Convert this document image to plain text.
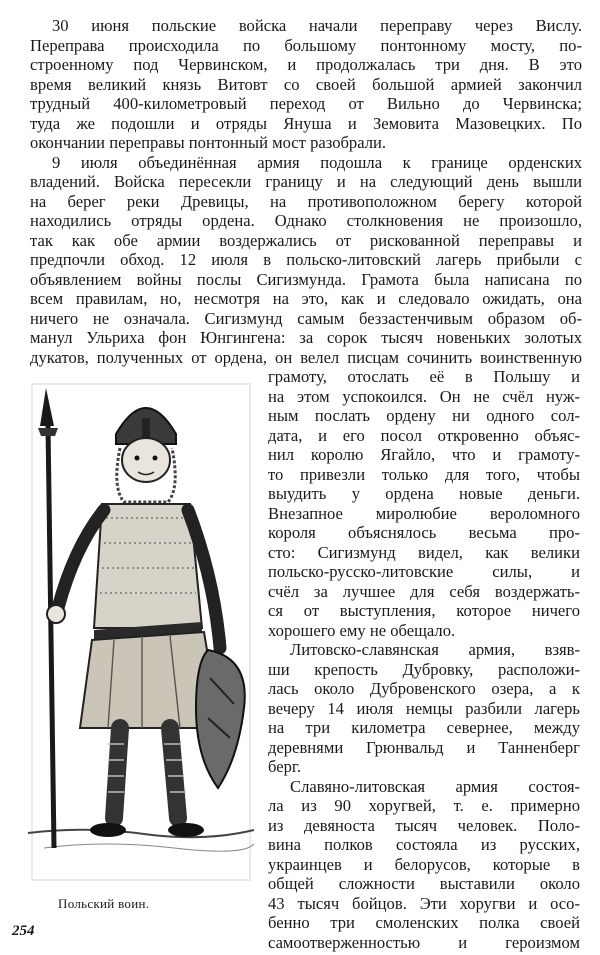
30 июня польские войска начали переправу через Вислу.

Переправа происходила по большому понтонному мосту, по-

строенному под Червинском, и продолжалась три дня. В это

время великий князь Витовт со своей большой армией закончил

трудный 400-километровый переход от Вильно до Червинска;

туда же подошли и отряды Януша и Земовита Мазовецких. По

окончании переправы понтонный мост разобрали.

9 июля объединённая армия подошла к границе орденских

владений. Войска пересекли границу и на следующий день вышли

на берег реки Древицы, на противоположном берегу которой

находились отряды ордена. Однако столкновения не произошло,

так как обе армии воздержались от рискованной переправы и

предпочли обход. 12 июля в польско-литовский лагерь прибыли с

объявлением войны послы Сигизмунда. Грамота была написана по

всем правилам, но, несмотря на это, как и следовало ожидать, она

ничего не означала. Сигизмунд самым беззастенчивым образом об-

манул Ульриха фон Юнгингена: за сорок тысяч новеньких золотых

дукатов, полученных от ордена, он велел писцам сочинить воинственную

грамоту, отослать её в Польшу и

на этом успокоился. Он не счёл нуж-

ным послать ордену ни одного сол-

дата, и его посол откровенно объяс-

нил королю Ягайло, что и грамоту-

то привезли только для того, чтобы

выудить у ордена новые деньги.

Внезапное миролюбие вероломного

короля объяснялось весьма про-

сто: Сигизмунд видел, как велики

польско-русско-литовские силы, и

счёл за лучшее для себя воздержать-

ся от выступления, которое ничего

хорошего ему не обещало.

Литовско-славянская армия, взяв-

ши крепость Дубровку, расположи-

лась около Дубровенского озера, а к

вечеру 14 июля немцы разбили лагерь

на три километра севернее, между

деревнями Грюнвальд и Танненберг

берг.

Славяно-литовская армия состоя-

ла из 90 хоругвей, т. е. примерно

из девяноста тысяч человек. Поло-

вина полков состояла из русских,

украинцев и белорусов, которые в

общей сложности выставили около

43 тысяч бойцов. Эти хоругви и осо-

бенно три смоленских полка своей

самоотверженностью и героизмом

Польский воин.
254
